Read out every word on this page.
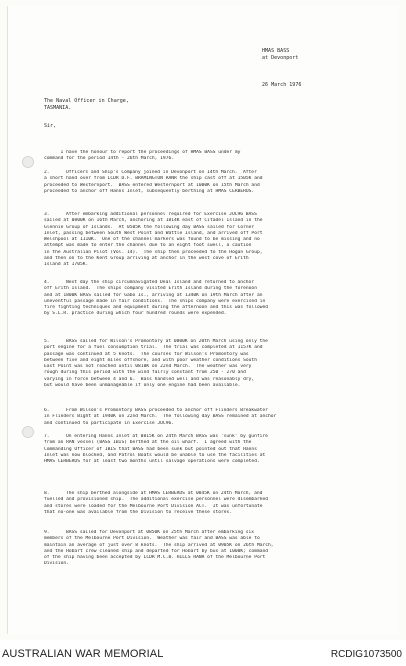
HMAS BASS
at Devonport
26 March 1976
The Naval Officer in Charge,
TASMANIA.
Sir,
I have the honour to report the proceedings of HMAS BASS under my
command for the period 14th - 26th March, 1976.
2.	Officers and Ship's Company joined in Devonport on 14th March.  After
a short hand over from LCDR D.F. BRAMINGTON RANR the ship cast off at 1505K and
proceeded to Westernport.  BASS entered Westernport at 1000K on 15th March and
proceeded to anchor off Hanns Inlet, subsequently berthing at HMAS CERBERUS.
3.	After embarking additional personnel required for Exercise JUC96 BASS
sailed at 0800K on 16th March, anchoring at 1814K east of Citadel Island in the
Glennie Group of Islands.  At 0505K the following day BASS sailed for Corner
Inlet, passing between South West Point and Wattle Island, and arrived off Port
Welshpool at 1110K.  One of the channel markers was found to be missing and no
attempt was made to enter the channel due to an eight foot swell, a caution
in the Australian Pilot (Vol. 14).  The ship then proceeded to the Hogan Group,
and then on to the Kent Group arriving at anchor in the west cove of Erith
Island at 1705K.
4.	Next day the ship circumnavigated Deal Island and returned to anchor
off Erith Island.  The ships company visited Erith Island during the forenoon
and at 1800K BASS sailed for Gabo Is., arriving at 1340K on 19th March after an
uneventful passage made in fair conditions.  The ships company were exercised in
fire fighting techniques and equipment during the afternoon and this was followed
by S.L.R. practice during which four hundred rounds were expended.
5.	BASS sailed for Wilson's Promontory at 0800K on 20th March using only the
port engine for a fuel consumption trial.  The trial was completed at 1157K and
passage was continued at 5 knots.  The courses for Wilson's Promontory was
between five and eight miles offshore, and with poor weather conditions South
East Point was not reached until 0810K on 22nd March.  The weather was very
rough during this period with the wind fairly constant from 250 - 270 and
varying in force between 4 and 6.  Bass handled well and was reasonably dry,
but would have been unmanageable if only one engine had been available.
6.	From Wilson's Promontory BASS proceeded to anchor off Flinders Breakwater
in Flinders Bight at 1940K on 22nd March.  The following day BASS remained at anchor
and continued to participate in Exercise JUC96.
7.	On entering Hanns Inlet at 0815K on 24th March BASS was 'sunk' by gunfire
from an RAN vessel (BASS IBIS) berthed at the oil wharf.  I agreed with the
Commanding Officer of IBIS that BASS had been sunk but pointed out that Hanns
Inlet was now blocked, and Patrol Boats would be unable to use the facilities at
HMAS CERBERUS for at least two months until salvage operations were completed.
8.	The ship berthed alongside at HMAS CERBERUS at 0845K on 24th March, and
fuelled and provisioned ship.  The additional exercise personnel were disembarked
and stores were loaded for the Melbourne Port Division ACT.  It was unfortunate
that no-one was available from the Division to receive these stores.
9.	BASS sailed for Devonport at 0850K on 25th March after embarking six
members of the Melbourne Port Division.  Weather was fair and BASS was able to
maintain an average of just over 8 knots.  The ship arrived at 0905K on 26th March,
and the Hobart crew cleaned ship and departed for Hobart by bus at 1000K; command
of the ship having been accepted by LCDR M.C.B. HILLS RANR of the Melbourne Port
Division.
AUSTRALIAN WAR MEMORIAL	RCDIG1073500
